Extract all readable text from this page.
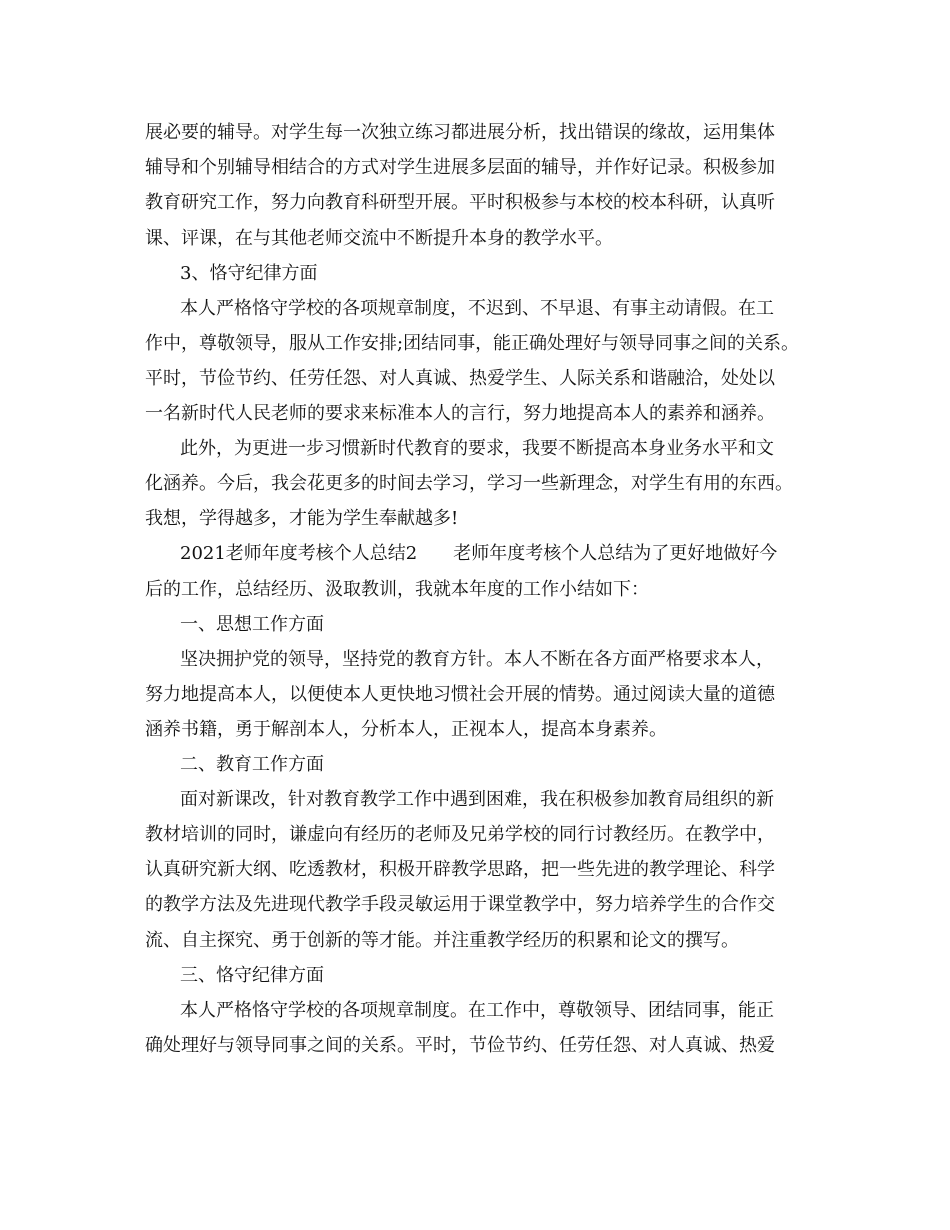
展必要的辅导。对学生每一次独立练习都进展分析，找出错误的缘故，运用集体
辅导和个别辅导相结合的方式对学生进展多层面的辅导，并作好记录。积极参加
教育研究工作，努力向教育科研型开展。平时积极参与本校的校本科研，认真听
课、评课，在与其他老师交流中不断提升本身的教学水平。
3、恪守纪律方面
本人严格恪守学校的各项规章制度，不迟到、不早退、有事主动请假。在工
作中，尊敬领导，服从工作安排;团结同事，能正确处理好与领导同事之间的关系。
平时，节俭节约、任劳任怨、对人真诚、热爱学生、人际关系和谐融洽，处处以
一名新时代人民老师的要求来标准本人的言行，努力地提高本人的素养和涵养。
此外，为更进一步习惯新时代教育的要求，我要不断提高本身业务水平和文
化涵养。今后，我会花更多的时间去学习，学习一些新理念，对学生有用的东西。
我想，学得越多，才能为学生奉献越多!
2021老师年度考核个人总结2　　老师年度考核个人总结为了更好地做好今
后的工作，总结经历、汲取教训，我就本年度的工作小结如下：
一、思想工作方面
坚决拥护党的领导，坚持党的教育方针。本人不断在各方面严格要求本人，
努力地提高本人，以便使本人更快地习惯社会开展的情势。通过阅读大量的道德
涵养书籍，勇于解剖本人，分析本人，正视本人，提高本身素养。
二、教育工作方面
面对新课改，针对教育教学工作中遇到困难，我在积极参加教育局组织的新
教材培训的同时，谦虚向有经历的老师及兄弟学校的同行讨教经历。在教学中，
认真研究新大纲、吃透教材，积极开辟教学思路，把一些先进的教学理论、科学
的教学方法及先进现代教学手段灵敏运用于课堂教学中，努力培养学生的合作交
流、自主探究、勇于创新的等才能。并注重教学经历的积累和论文的撰写。
三、恪守纪律方面
本人严格恪守学校的各项规章制度。在工作中，尊敬领导、团结同事，能正
确处理好与领导同事之间的关系。平时，节俭节约、任劳任怨、对人真诚、热爱
